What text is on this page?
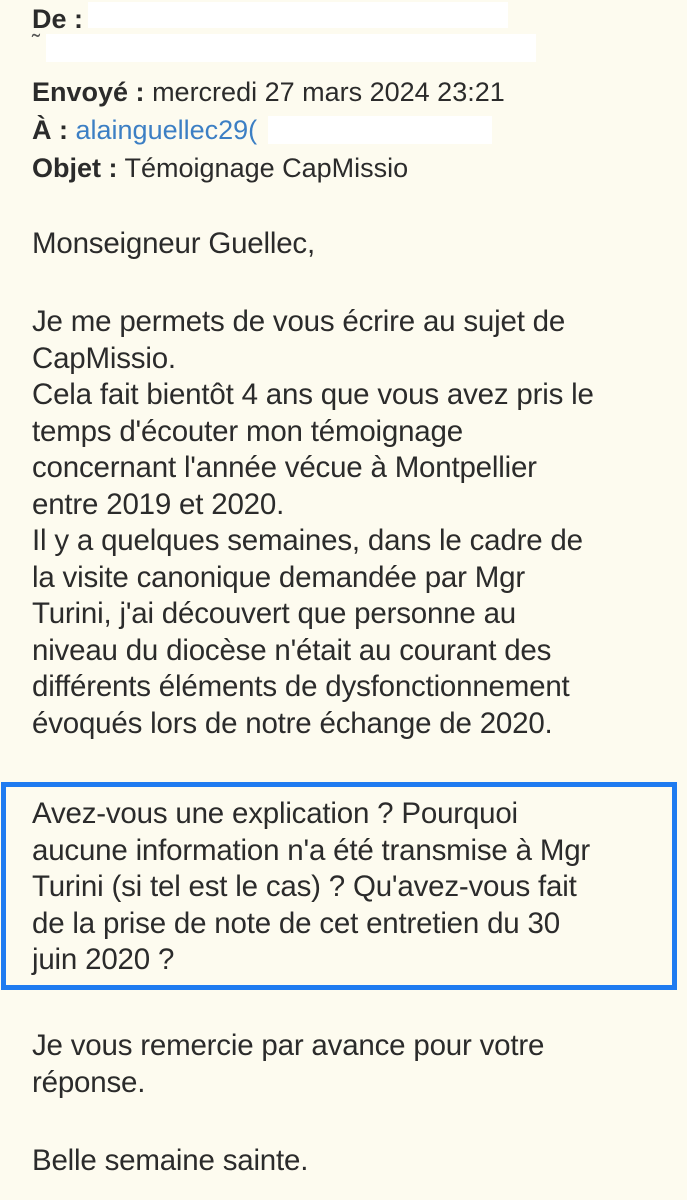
De :
˜
Envoyé : mercredi 27 mars 2024 23:21
À : alainguellec29(
Objet : Témoignage CapMissio

Monseigneur Guellec,

Je me permets de vous écrire au sujet de

CapMissio.

Cela fait bientôt 4 ans que vous avez pris le

temps d'écouter mon témoignage

concernant l'année vécue à Montpellier

entre 2019 et 2020.

Il y a quelques semaines, dans le cadre de

la visite canonique demandée par Mgr

Turini, j'ai découvert que personne au

niveau du diocèse n'était au courant des

différents éléments de dysfonctionnement

évoqués lors de notre échange de 2020.

Avez-vous une explication ? Pourquoi

aucune information n'a été transmise à Mgr

Turini (si tel est le cas) ? Qu'avez-vous fait

de la prise de note de cet entretien du 30

juin 2020 ?

Je vous remercie par avance pour votre

réponse.

Belle semaine sainte.
